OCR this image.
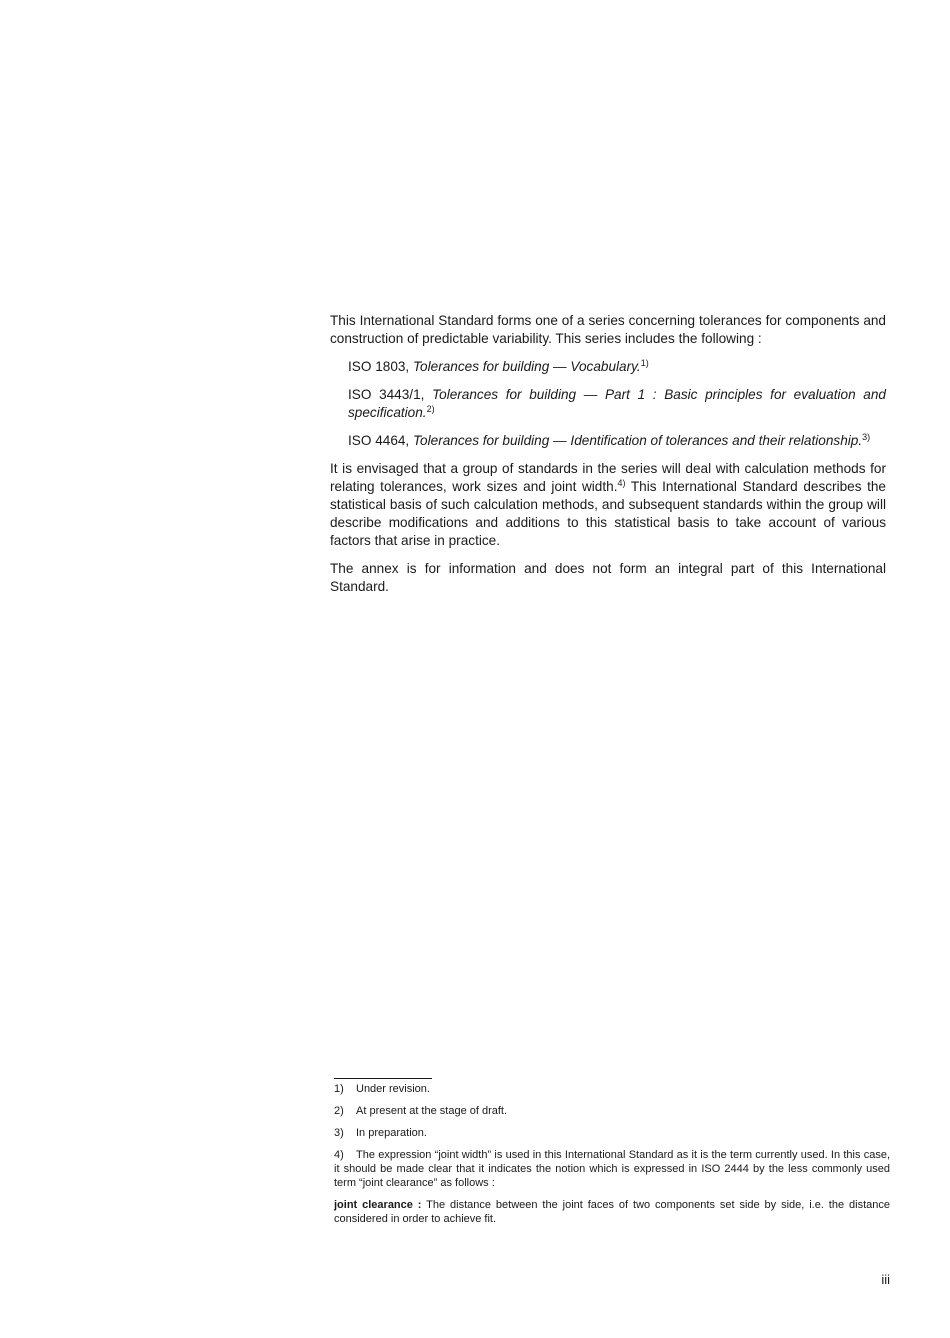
This International Standard forms one of a series concerning tolerances for components and construction of predictable variability. This series includes the following :

ISO 1803, Tolerances for building — Vocabulary.$^{1)}$

ISO 3443/1, Tolerances for building — Part 1 : Basic principles for evaluation and specification.$^{2)}$

ISO 4464, Tolerances for building — Identification of tolerances and their relationship.$^{3)}$

It is envisaged that a group of standards in the series will deal with calculation methods for relating tolerances, work sizes and joint width.$^{4)}$ This International Standard describes the statistical basis of such calculation methods, and subsequent standards within the group will describe modifications and additions to this statistical basis to take account of various factors that arise in practice.

The annex is for information and does not form an integral part of this International Standard.

1) Under revision.

2) At present at the stage of draft.

3) In preparation.

4) The expression “joint width” is used in this International Standard as it is the term currently used. In this case, it should be made clear that it indicates the notion which is expressed in ISO 2444 by the less commonly used term “joint clearance” as follows :

joint clearance : The distance between the joint faces of two components set side by side, i.e. the distance considered in order to achieve fit.

iii
